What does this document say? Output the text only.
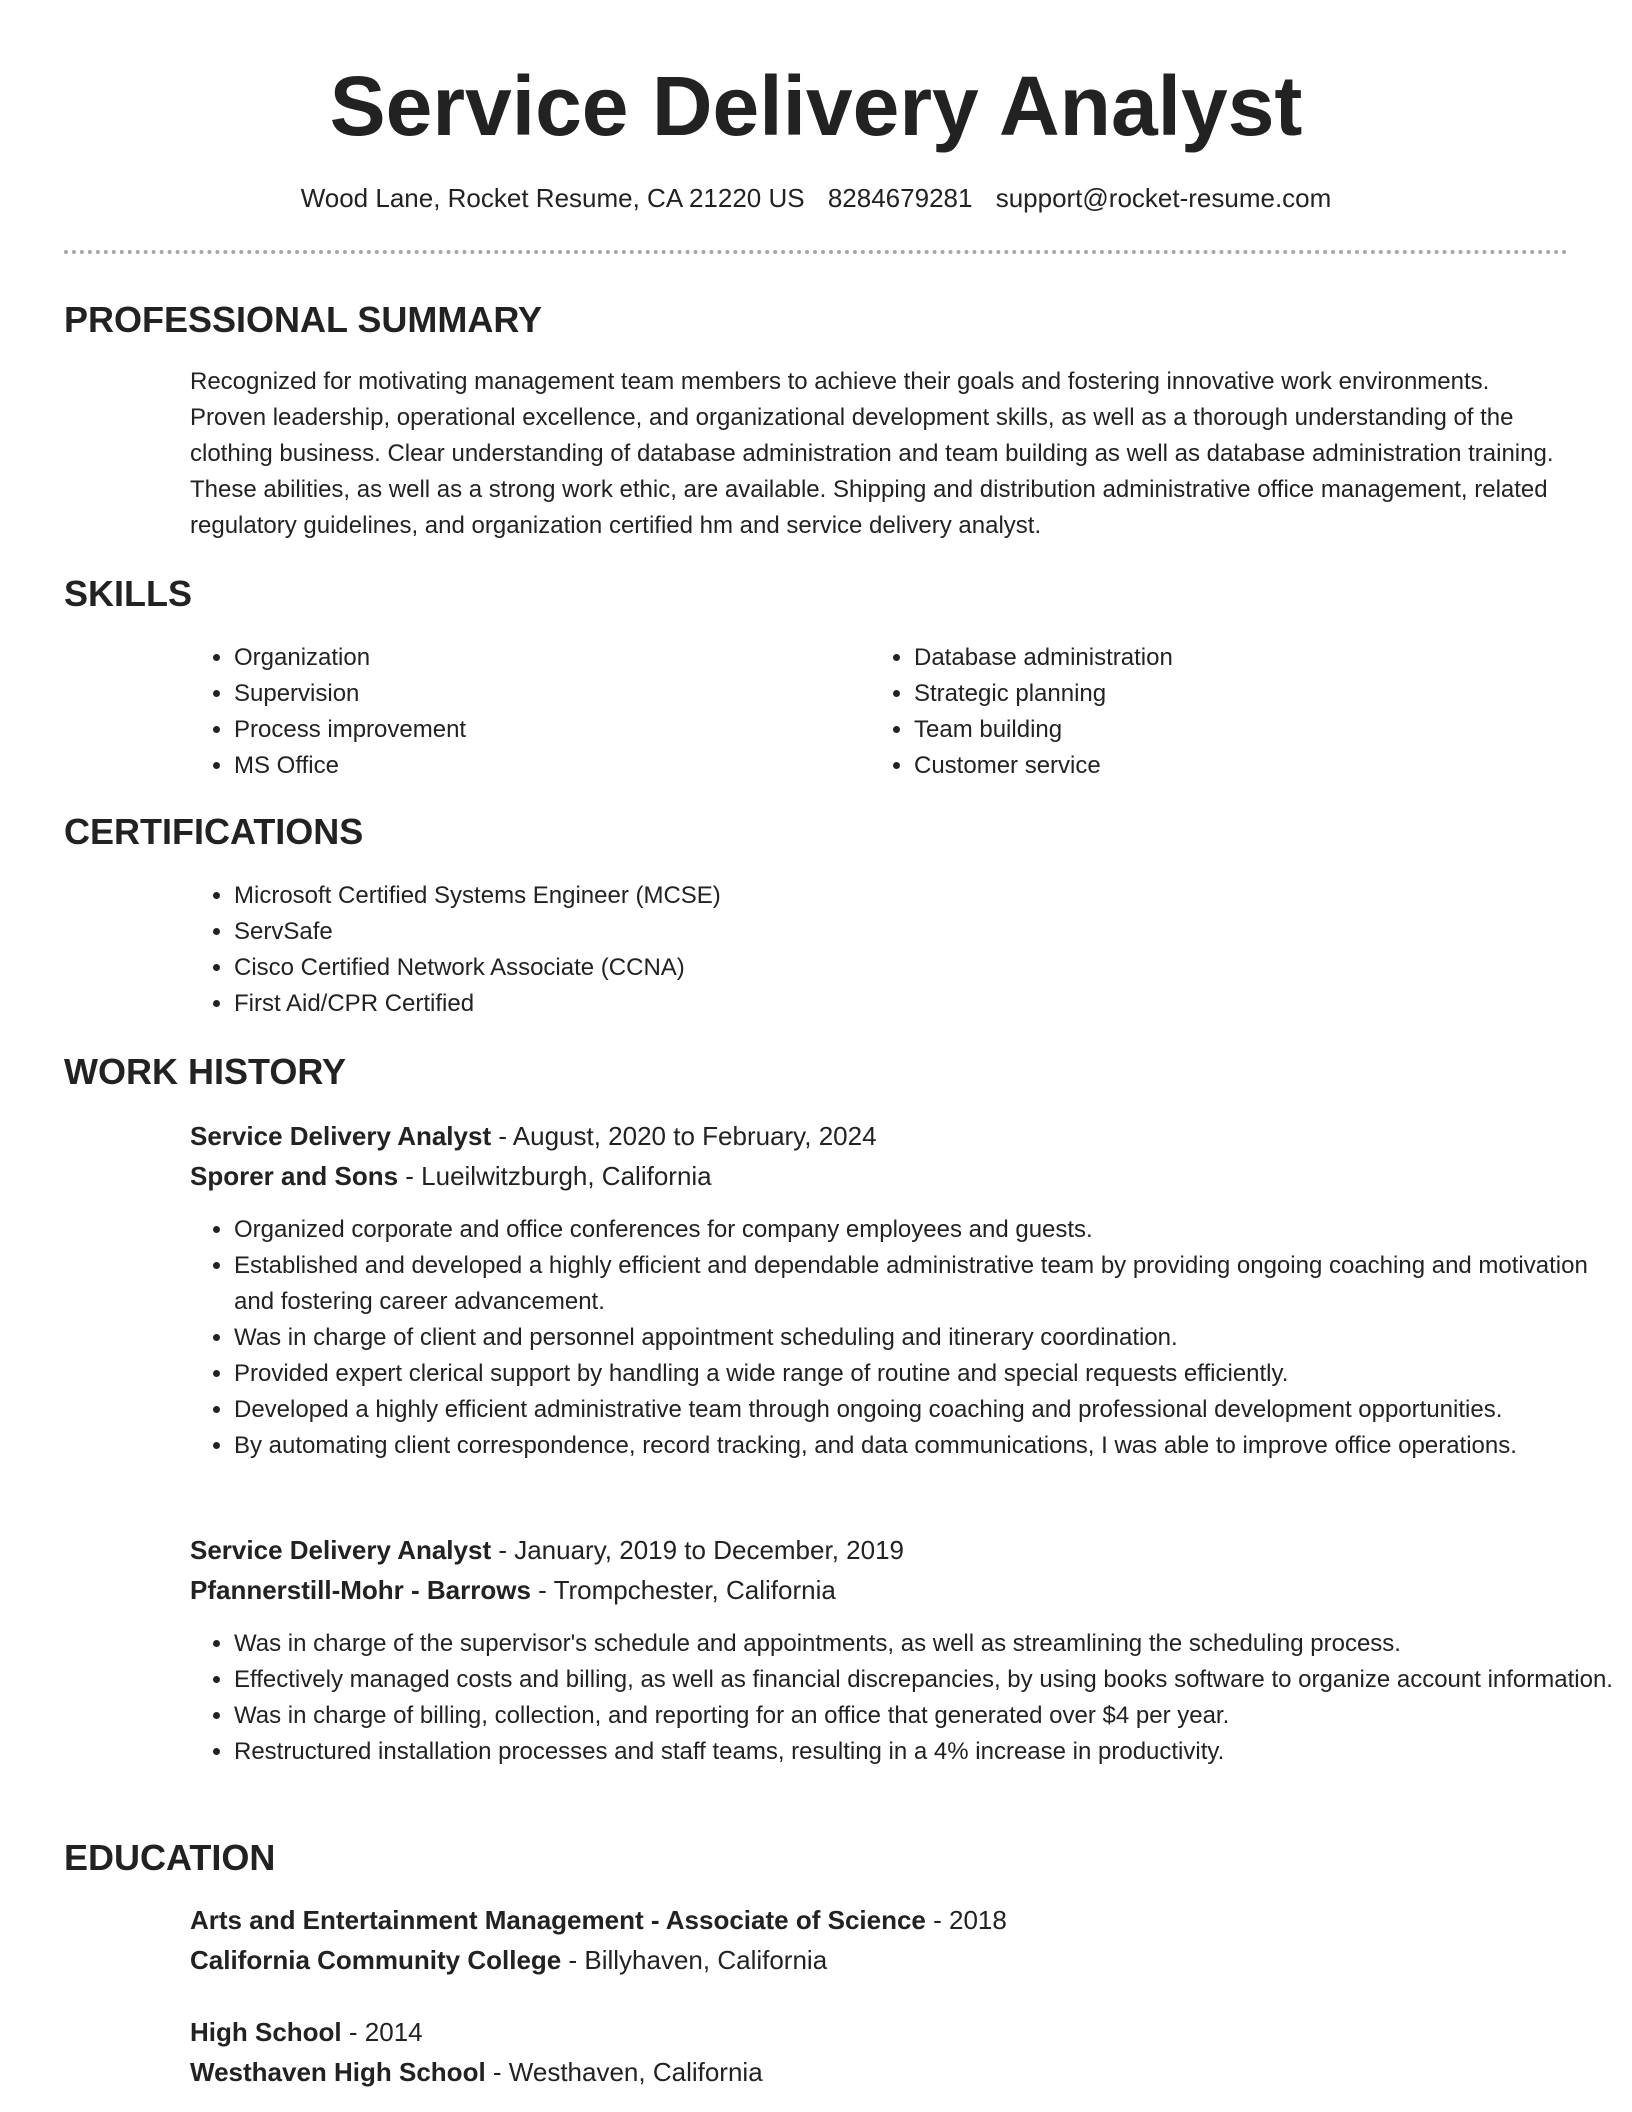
Service Delivery Analyst
Wood Lane, Rocket Resume, CA 21220 US 8284679281 support@rocket-resume.com
PROFESSIONAL SUMMARY

Recognized for motivating management team members to achieve their goals and fostering innovative work environments. Proven leadership, operational excellence, and organizational development skills, as well as a thorough understanding of the clothing business. Clear understanding of database administration and team building as well as database administration training. These abilities, as well as a strong work ethic, are available. Shipping and distribution administrative office management, related regulatory guidelines, and organization certified hm and service delivery analyst.

SKILLS
• Organization
• Supervision
• Process improvement
• MS Office
• Database administration
• Strategic planning
• Team building
• Customer service
CERTIFICATIONS
• Microsoft Certified Systems Engineer (MCSE)
• ServSafe
• Cisco Certified Network Associate (CCNA)
• First Aid/CPR Certified
WORK HISTORY
Service Delivery Analyst - August, 2020 to February, 2024
Sporer and Sons - Lueilwitzburgh, California
• Organized corporate and office conferences for company employees and guests.
• Established and developed a highly efficient and dependable administrative team by providing ongoing coaching and motivation and fostering career advancement.
• Was in charge of client and personnel appointment scheduling and itinerary coordination.
• Provided expert clerical support by handling a wide range of routine and special requests efficiently.
• Developed a highly efficient administrative team through ongoing coaching and professional development opportunities.
• By automating client correspondence, record tracking, and data communications, I was able to improve office operations.
Service Delivery Analyst - January, 2019 to December, 2019
Pfannerstill-Mohr - Barrows - Trompchester, California
• Was in charge of the supervisor's schedule and appointments, as well as streamlining the scheduling process.
• Effectively managed costs and billing, as well as financial discrepancies, by using books software to organize account information.
• Was in charge of billing, collection, and reporting for an office that generated over $4 per year.
• Restructured installation processes and staff teams, resulting in a 4% increase in productivity.
EDUCATION
Arts and Entertainment Management - Associate of Science - 2018
California Community College - Billyhaven, California
High School - 2014
Westhaven High School - Westhaven, California
